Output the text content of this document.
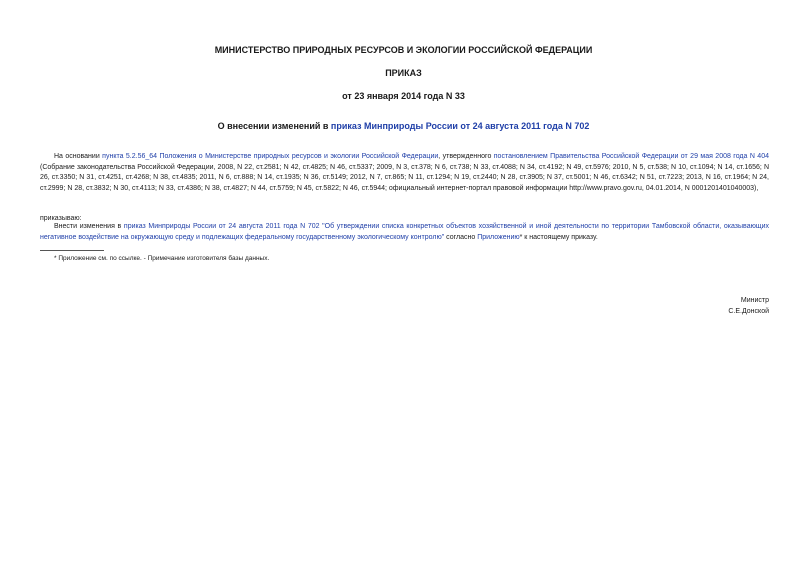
МИНИСТЕРСТВО ПРИРОДНЫХ РЕСУРСОВ И ЭКОЛОГИИ РОССИЙСКОЙ ФЕДЕРАЦИИ
ПРИКАЗ
от 23 января 2014 года N 33
О внесении изменений в приказ Минприроды России от 24 августа 2011 года N 702
На основании пункта 5.2.56_64 Положения о Министерстве природных ресурсов и экологии Российской Федерации, утвержденного постановлением Правительства Российской Федерации от 29 мая 2008 года N 404 (Собрание законодательства Российской Федерации, 2008, N 22, ст.2581; N 42, ст.4825; N 46, ст.5337; 2009, N 3, ст.378; N 6, ст.738; N 33, ст.4088; N 34, ст.4192; N 49, ст.5976; 2010, N 5, ст.538; N 10, ст.1094; N 14, ст.1656; N 26, ст.3350; N 31, ст.4251, ст.4268; N 38, ст.4835; 2011, N 6, ст.888; N 14, ст.1935; N 36, ст.5149; 2012, N 7, ст.865; N 11, ст.1294; N 19, ст.2440; N 28, ст.3905; N 37, ст.5001; N 46, ст.6342; N 51, ст.7223; 2013, N 16, ст.1964; N 24, ст.2999; N 28, ст.3832; N 30, ст.4113; N 33, ст.4386; N 38, ст.4827; N 44, ст.5759; N 45, ст.5822; N 46, ст.5944; официальный интернет-портал правовой информации http://www.pravo.gov.ru, 04.01.2014, N 0001201401040003),
приказываю:
Внести изменения в приказ Минприроды России от 24 августа 2011 года N 702 "Об утверждении списка конкретных объектов хозяйственной и иной деятельности по территории Тамбовской области, оказывающих негативное воздействие на окружающую среду и подлежащих федеральному государственному экологическому контролю" согласно Приложению* к настоящему приказу.
* Приложение см. по ссылке. - Примечание изготовителя базы данных.
Министр
С.Е.Донской
